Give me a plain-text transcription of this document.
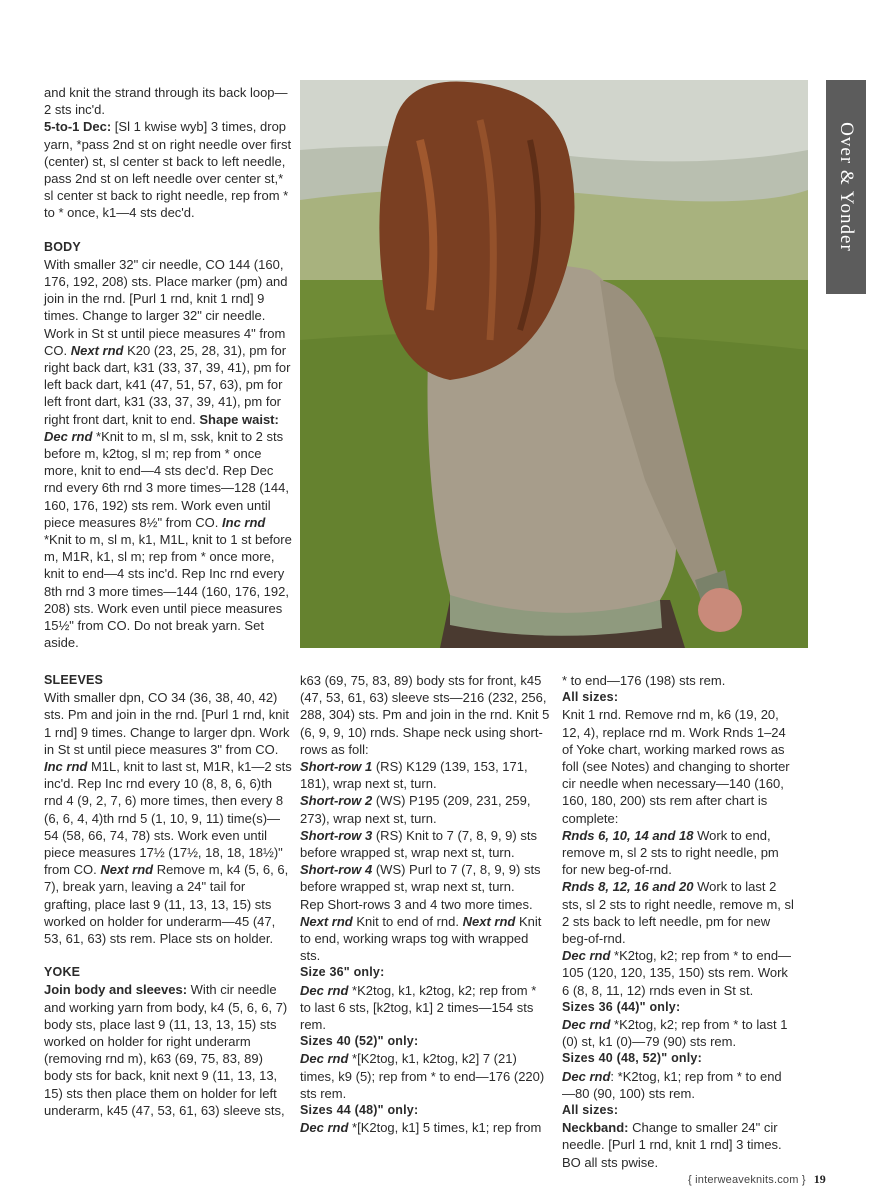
Over & Yonder

and knit the strand through its back loop—2 sts inc'd.

5-to-1 Dec: [Sl 1 kwise wyb] 3 times, drop yarn, *pass 2nd st on right needle over first (center) st, sl center st back to left needle, pass 2nd st on left needle over center st,* sl center st back to right needle, rep from * to * once, k1—4 sts dec'd.

BODY

With smaller 32" cir needle, CO 144 (160, 176, 192, 208) sts. Place marker (pm) and join in the rnd. [Purl 1 rnd, knit 1 rnd] 9 times. Change to larger 32" cir needle. Work in St st until piece measures 4" from CO. Next rnd K20 (23, 25, 28, 31), pm for right back dart, k31 (33, 37, 39, 41), pm for left back dart, k41 (47, 51, 57, 63), pm for left front dart, k31 (33, 37, 39, 41), pm for right front dart, knit to end. Shape waist: Dec rnd *Knit to m, sl m, ssk, knit to 2 sts before m, k2tog, sl m; rep from * once more, knit to end—4 sts dec'd. Rep Dec rnd every 6th rnd 3 more times—128 (144, 160, 176, 192) sts rem. Work even until piece measures 8½" from CO. Inc rnd *Knit to m, sl m, k1, M1L, knit to 1 st before m, M1R, k1, sl m; rep from * once more, knit to end—4 sts inc'd. Rep Inc rnd every 8th rnd 3 more times—144 (160, 176, 192, 208) sts. Work even until piece measures 15½" from CO. Do not break yarn. Set aside.

SLEEVES

With smaller dpn, CO 34 (36, 38, 40, 42) sts. Pm and join in the rnd. [Purl 1 rnd, knit 1 rnd] 9 times. Change to larger dpn. Work in St st until piece measures 3" from CO. Inc rnd M1L, knit to last st, M1R, k1—2 sts inc'd. Rep Inc rnd every 10 (8, 8, 6, 6)th rnd 4 (9, 2, 7, 6) more times, then every 8 (6, 6, 4, 4)th rnd 5 (1, 10, 9, 11) time(s)—54 (58, 66, 74, 78) sts. Work even until piece measures 17½ (17½, 18, 18, 18½)" from CO. Next rnd Remove m, k4 (5, 6, 6, 7), break yarn, leaving a 24" tail for grafting, place last 9 (11, 13, 13, 15) sts worked on holder for underarm—45 (47, 53, 61, 63) sts rem. Place sts on holder.

YOKE

Join body and sleeves: With cir needle and working yarn from body, k4 (5, 6, 6, 7) body sts, place last 9 (11, 13, 13, 15) sts worked on holder for right underarm (removing rnd m), k63 (69, 75, 83, 89) body sts for back, knit next 9 (11, 13, 13, 15) sts then place them on holder for left underarm, k45 (47, 53, 61, 63) sleeve sts,

k63 (69, 75, 83, 89) body sts for front, k45 (47, 53, 61, 63) sleeve sts—216 (232, 256, 288, 304) sts. Pm and join in the rnd. Knit 5 (6, 9, 9, 10) rnds. Shape neck using short-rows as foll:

Short-row 1 (RS) K129 (139, 153, 171, 181), wrap next st, turn.

Short-row 2 (WS) P195 (209, 231, 259, 273), wrap next st, turn.

Short-row 3 (RS) Knit to 7 (7, 8, 9, 9) sts before wrapped st, wrap next st, turn.

Short-row 4 (WS) Purl to 7 (7, 8, 9, 9) sts before wrapped st, wrap next st, turn.

Rep Short-rows 3 and 4 two more times. Next rnd Knit to end of rnd. Next rnd Knit to end, working wraps tog with wrapped sts.

Size 36" only:

Dec rnd *K2tog, k1, k2tog, k2; rep from * to last 6 sts, [k2tog, k1] 2 times—154 sts rem.

Sizes 40 (52)" only:

Dec rnd *[K2tog, k1, k2tog, k2] 7 (21) times, k9 (5); rep from * to end—176 (220) sts rem.

Sizes 44 (48)" only:

Dec rnd *[K2tog, k1] 5 times, k1; rep from

* to end—176 (198) sts rem.

All sizes:

Knit 1 rnd. Remove rnd m, k6 (19, 20, 12, 4), replace rnd m. Work Rnds 1–24 of Yoke chart, working marked rows as foll (see Notes) and changing to shorter cir needle when necessary—140 (160, 160, 180, 200) sts rem after chart is complete:

Rnds 6, 10, 14 and 18 Work to end, remove m, sl 2 sts to right needle, pm for new beg-of-rnd.

Rnds 8, 12, 16 and 20 Work to last 2 sts, sl 2 sts to right needle, remove m, sl 2 sts back to left needle, pm for new beg-of-rnd.

Dec rnd *K2tog, k2; rep from * to end—105 (120, 120, 135, 150) sts rem. Work 6 (8, 8, 11, 12) rnds even in St st.

Sizes 36 (44)" only:

Dec rnd *K2tog, k2; rep from * to last 1 (0) st, k1 (0)—79 (90) sts rem.

Sizes 40 (48, 52)" only:

Dec rnd: *K2tog, k1; rep from * to end—80 (90, 100) sts rem.

All sizes:

Neckband: Change to smaller 24" cir needle. [Purl 1 rnd, knit 1 rnd] 3 times. BO all sts pwise.

{ interweaveknits.com } 19
